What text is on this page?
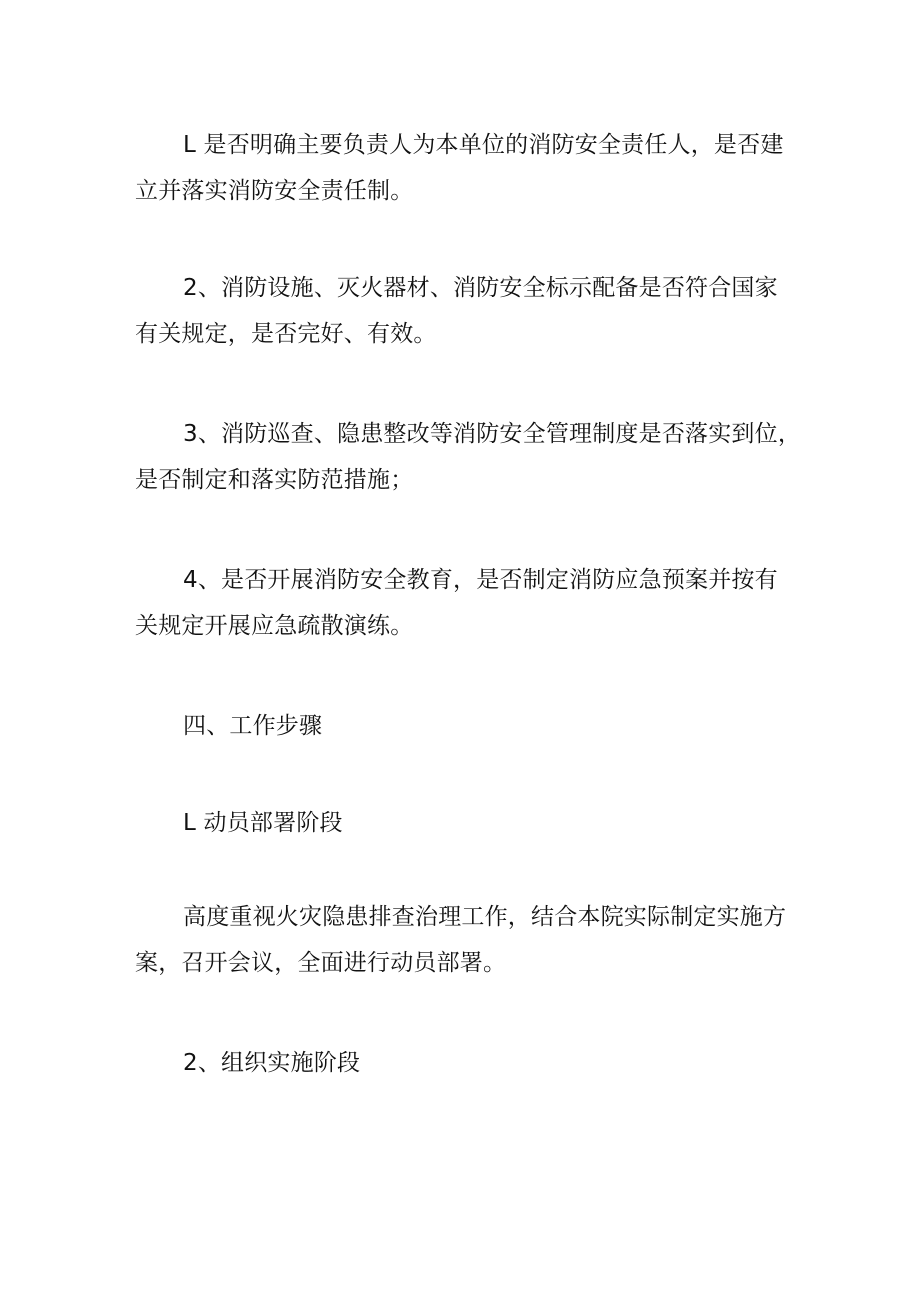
L 是否明确主要负责人为本单位的消防安全责任人，是否建
立并落实消防安全责任制。
2、消防设施、灭火器材、消防安全标示配备是否符合国家
有关规定，是否完好、有效。
3、消防巡查、隐患整改等消防安全管理制度是否落实到位，
是否制定和落实防范措施；
4、是否开展消防安全教育，是否制定消防应急预案并按有
关规定开展应急疏散演练。
四、工作步骤
L 动员部署阶段
高度重视火灾隐患排查治理工作，结合本院实际制定实施方
案，召开会议，全面进行动员部署。
2、组织实施阶段
